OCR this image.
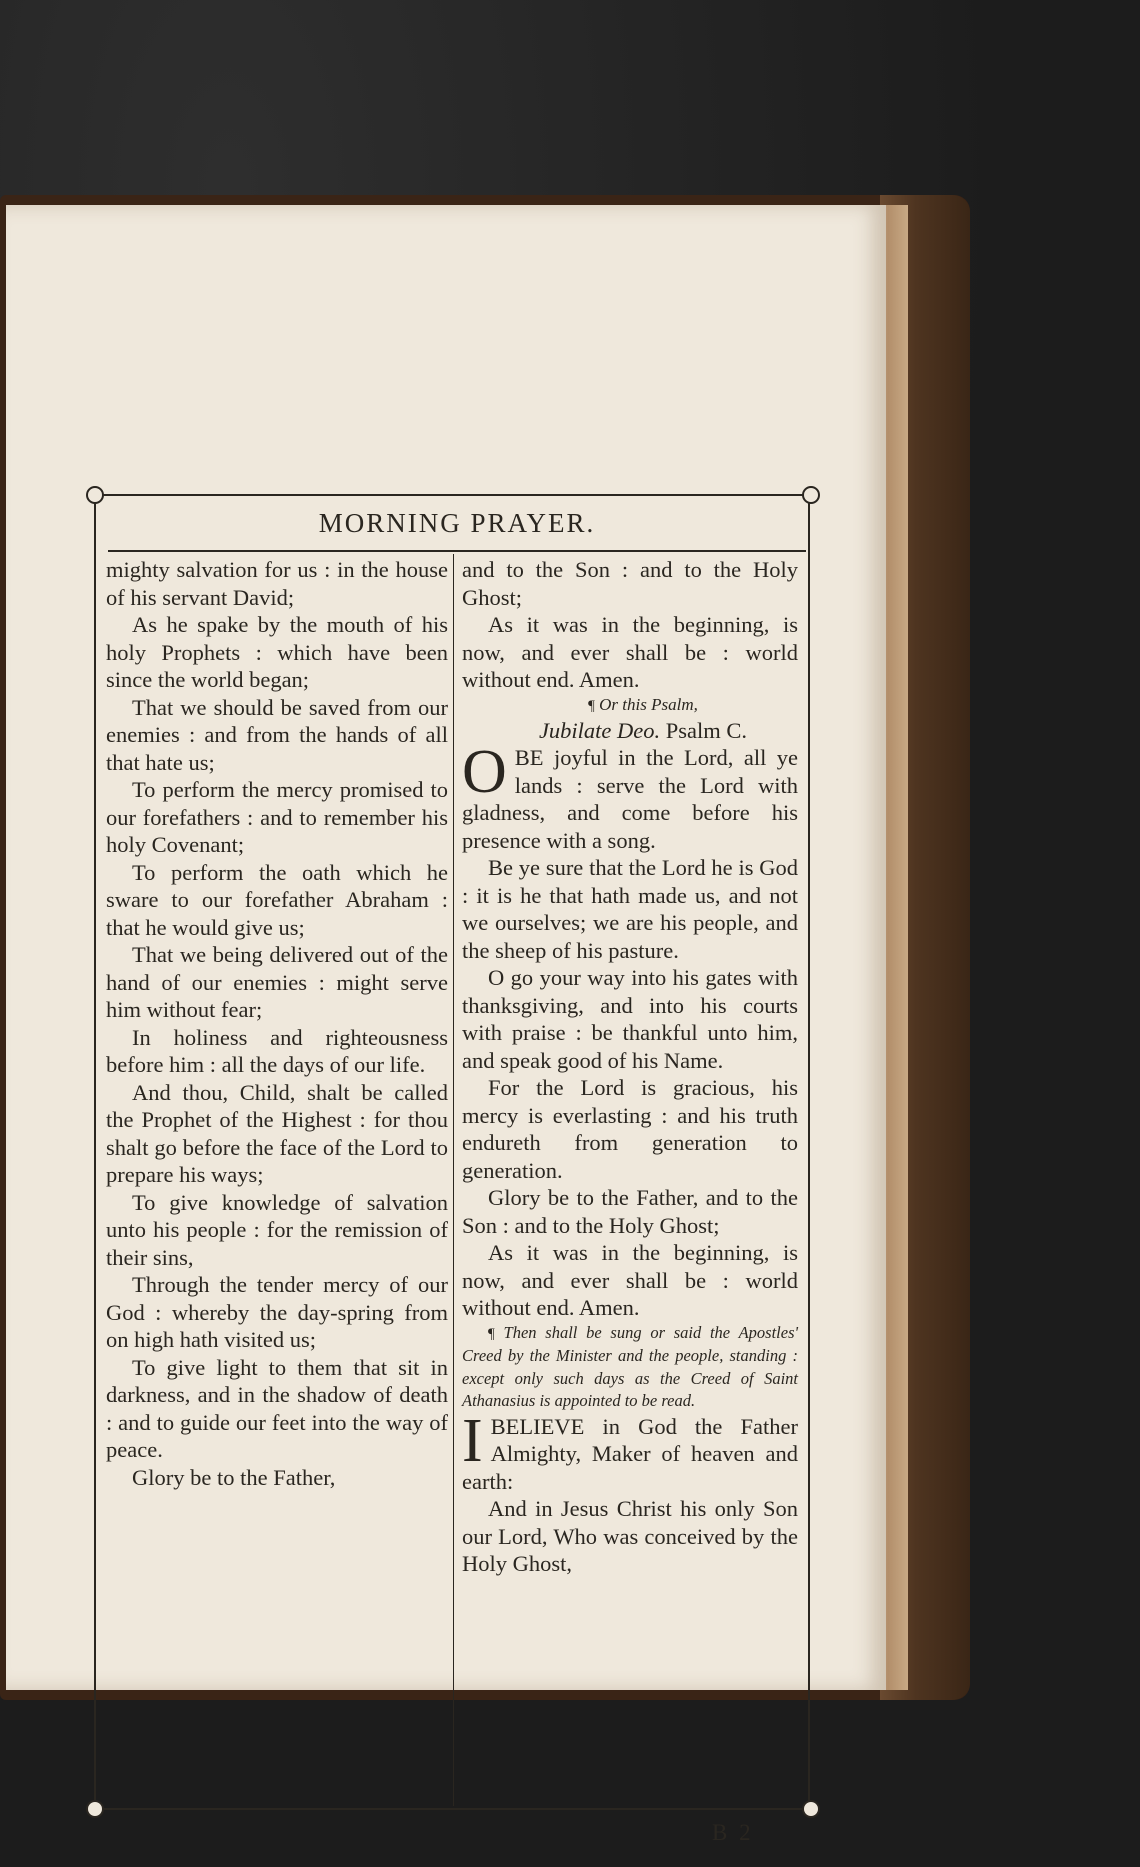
MORNING PRAYER.

mighty salvation for us : in the house of his servant David;

As he spake by the mouth of his holy Prophets : which have been since the world began;

That we should be saved from our enemies : and from the hands of all that hate us;

To perform the mercy promised to our forefathers : and to remember his holy Covenant;

To perform the oath which he sware to our forefather Abraham : that he would give us;

That we being delivered out of the hand of our enemies : might serve him without fear;

In holiness and righteousness before him : all the days of our life.

And thou, Child, shalt be called the Prophet of the Highest : for thou shalt go before the face of the Lord to prepare his ways;

To give knowledge of salvation unto his people : for the remission of their sins,

Through the tender mercy of our God : whereby the day-spring from on high hath visited us;

To give light to them that sit in darkness, and in the shadow of death : and to guide our feet into the way of peace.

Glory be to the Father,

and to the Son : and to the Holy Ghost;

As it was in the beginning, is now, and ever shall be : world without end. Amen.

¶ Or this Psalm,

Jubilate Deo. Psalm C.

O BE joyful in the Lord, all ye lands : serve the Lord with gladness, and come before his presence with a song.

Be ye sure that the Lord he is God : it is he that hath made us, and not we ourselves; we are his people, and the sheep of his pasture.

O go your way into his gates with thanksgiving, and into his courts with praise : be thankful unto him, and speak good of his Name.

For the Lord is gracious, his mercy is everlasting : and his truth endureth from generation to generation.

Glory be to the Father, and to the Son : and to the Holy Ghost;

As it was in the beginning, is now, and ever shall be : world without end. Amen.

¶ Then shall be sung or said the Apostles' Creed by the Minister and the people, standing : except only such days as the Creed of Saint Athanasius is appointed to be read.

I BELIEVE in God the Father Almighty, Maker of heaven and earth:

And in Jesus Christ his only Son our Lord, Who was conceived by the Holy Ghost,

B 2
